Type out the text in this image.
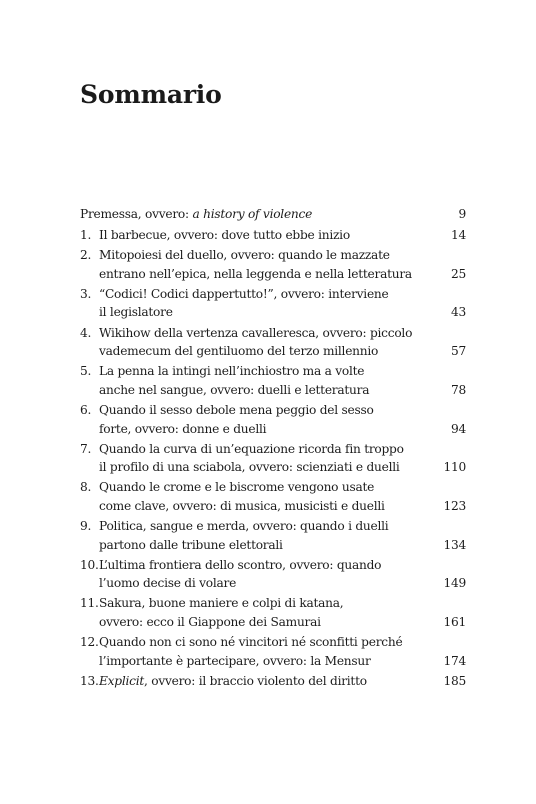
Sommario
Premessa, ovvero: a history of violence	9
1. Il barbecue, ovvero: dove tutto ebbe inizio	14
2. Mitopoiesi del duello, ovvero: quando le mazzate
entrano nell’epica, nella leggenda e nella letteratura	25
3. “Codici! Codici dappertutto!”, ovvero: interviene
il legislatore	43
4. Wikihow della vertenza cavalleresca, ovvero: piccolo
vademecum del gentiluomo del terzo millennio	57
5. La penna la intingi nell’inchiostro ma a volte
anche nel sangue, ovvero: duelli e letteratura	78
6. Quando il sesso debole mena peggio del sesso
forte, ovvero: donne e duelli	94
7. Quando la curva di un’equazione ricorda fin troppo
il profilo di una sciabola, ovvero: scienziati e duelli	110
8. Quando le crome e le biscrome vengono usate
come clave, ovvero: di musica, musicisti e duelli	123
9. Politica, sangue e merda, ovvero: quando i duelli
partono dalle tribune elettorali	134
10. L’ultima frontiera dello scontro, ovvero: quando
l’uomo decise di volare	149
11. Sakura, buone maniere e colpi di katana,
ovvero: ecco il Giappone dei Samurai	161
12. Quando non ci sono né vincitori né sconfitti perché
l’importante è partecipare, ovvero: la Mensur	174
13. Explicit, ovvero: il braccio violento del diritto	185
